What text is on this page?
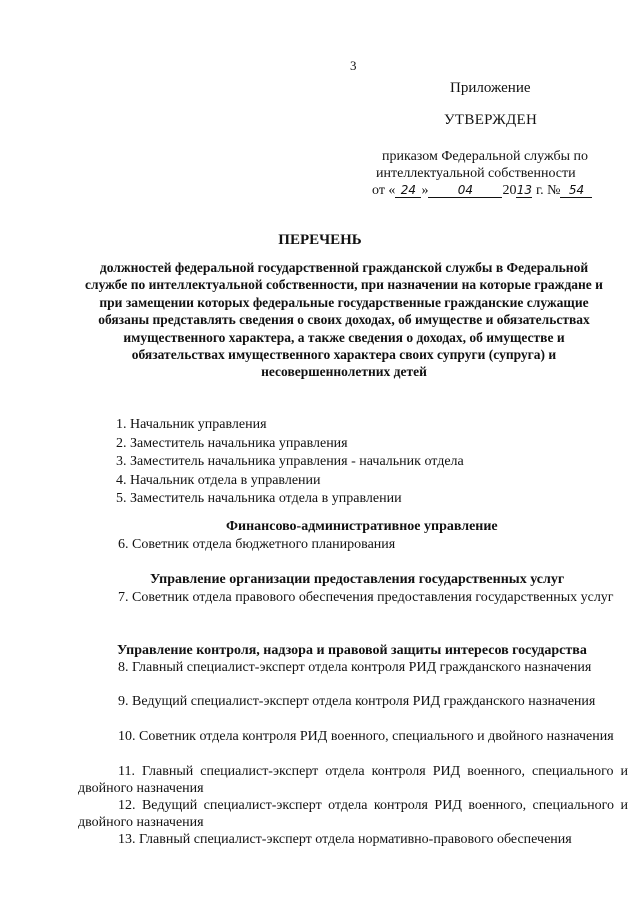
3
Приложение
УТВЕРЖДЕН
приказом Федеральной службы по
интеллектуальной собственности
от « 24 » 04 2013 г. № 54
ПЕРЕЧЕНЬ
должностей федеральной государственной гражданской службы в Федеральной службе по интеллектуальной собственности, при назначении на которые граждане и при замещении которых федеральные государственные гражданские служащие обязаны представлять сведения о своих доходах, об имуществе и обязательствах имущественного характера, а также сведения о доходах, об имуществе и обязательствах имущественного характера своих супруги (супруга) и несовершеннолетних детей
1. Начальник управления
2. Заместитель начальника управления
3. Заместитель начальника управления - начальник отдела
4. Начальник отдела в управлении
5. Заместитель начальника отдела в управлении
Финансово-административное управление
6. Советник отдела бюджетного планирования
Управление организации предоставления государственных услуг
7. Советник отдела правового обеспечения предоставления государственных услуг
Управление контроля, надзора и правовой защиты интересов государства
8. Главный специалист-эксперт отдела контроля РИД гражданского назначения
9. Ведущий специалист-эксперт отдела контроля РИД гражданского назначения
10. Советник отдела контроля РИД военного, специального и двойного назначения
11. Главный специалист-эксперт отдела контроля РИД военного, специального и двойного назначения
12. Ведущий специалист-эксперт отдела контроля РИД военного, специального и двойного назначения
13. Главный специалист-эксперт отдела нормативно-правового обеспечения
